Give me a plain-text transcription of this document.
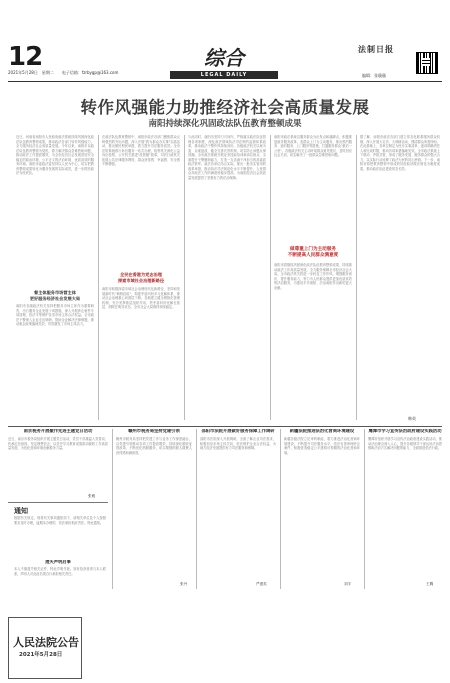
12
2021年5月28日　星期二　　电子信箱：fzrbygp@163.com
综合
LEGAL DAILY
法制日报
编辑：张璇璇
转作风强能力助推经济社会高质量发展
南阳持续深化巩固政法队伍教育整顿成果
近日，河南省南阳市人民政府政法系统持续巩固深化政法队伍教育整顿成果，推动政法各部门转作风强能力，全力服务经济社会高质量发展。今年以来，南阳市以政法队伍教育整顿为契机，着力解决群众急难愁盼问题，推动政法工作提质增效，为全市经济社会发展营造安全稳定的政治环境、公平正义的法治环境、优质高效的服务环境。南阳市委政法委坚持以人民为中心，切实把教育整顿成果转化为服务发展的实际成效，进一步擦亮政法为民底色。
督主体服务市场营主体
更好服务经济社会发展大局
南阳市各级政法机关坚持把服务市场主体作为重要职责，出台服务企业发展十项措施，深入开展涉企案件专项清理，依法平等保护各类市场主体合法权益。全市政法干警深入企业走访调研，帮助企业解决法律难题，推动惠企政策落地见效，有效激发了市场主体活力。
在政法队伍教育整顿中，南阳市政法各部门聚焦群众反映强烈的突出问题，深入开展"我为群众办实事"实践活动，推出便民利民举措，着力提升司法服务质效。全市法院系统推行诉讼服务一站式办理，检察机关深化公益诉讼检察，公安机关推进"放管服"改革，司法行政机关拓展公共法律服务网络，群众获得感、幸福感、安全感不断增强。
全民在香港为党志治理
探索市域社会治理新路径
南阳市积极探索市域社会治理现代化新路径，坚持和发展新时代"枫桥经验"，构建矛盾纠纷多元化解体系，推动社会治理重心向基层下移。各地建立健全网格化管理机制，充分发挥基层组织作用，把矛盾纠纷化解在基层、消除在萌芽状态，全市社会大局保持持续稳定。
与此同时，南阳市坚持刀刃向内，严格落实政法队伍管理各项制度，深化政法领域执法司法制约监督体系改革，推动政法干警作风持续向好。各级政法机关以案为鉴、以案促改，健全完善长效机制，切实防止问题反弹回潮。全市政法系统开展业务技能培训和岗位练兵，全面提升干警履职能力，打造一支忠诚干净担当的高素质政法铁军。政法各单位结合实际，推出一批务实管用的改革举措，推动执法司法规范化水平不断提升，人民群众对政法工作的满意度稳步提高，为南阳经济社会高质量发展提供了坚强有力的法治保障。
南阳市政法系统以服务群众为出发点和落脚点，积极推进政务服务改革，变群众上门为主动服务，推出预约服务、延时服务、上门服务等措施，打通服务群众"最后一公里"。各级政法机关主动听取群众意见建议，及时回应社会关切，切实解决了一批群众急难愁盼问题。
做尊重上门为主动服务
不断提高人民群众满意度
南阳市将继续巩固深化政法队伍教育整顿成果，持续推动政法工作高质量发展，全力服务保障全市经济社会大局。全市政法机关将进一步转变工作作风，增强服务意识，提升服务能力，努力为人民群众提供更加优质高效的法治服务，为建设平安南阳、法治南阳作出新的更大贡献。
据了解，南阳市政法各部门建立常态化联系服务群众机制，深入开展大走访、大调研活动，摸清群众所需所盼。在此基础上，各单位制定为民办实事清单，逐项明确责任人和完成时限，推动各项举措落地见效。全市政法系统上下联动、齐抓共管，形成了服务发展、服务群众的强大合力，以实际行动诠释了政法为民的初心使命。下一步，南阳市将把教育整顿中形成的好经验好做法固化为制度成果，推动政法队伍建设常态长效。
韩英
南京税务开展撤作先进主题党日活动
近日，南京市税务局组织开展主题党日活动，党员干部重温入党誓词，传承红色基因，坚定理想信念，以党史学习教育成果推动税收工作高质量发展，为优化营商环境贡献税务力量。
张雅
赣州市税务局坚持党建引领
赣州市税务局坚持把党建工作与业务工作深度融合，以党建引领推动各项工作提质增效，持续深化税收征管改革，不断优化纳税服务，切实增强纳税人缴费人获得感和满意度。
张丹
邵阳市法院开展做好服务保障工作调研
邵阳市法院深入开展调研，全面了解企业司法需求，积极回应市场主体关切，依法保护企业合法权益，为地方经济发展提供有力司法服务和保障。
严建英
新疆法院推进法治化营商环境建设
新疆各级法院立足审判职能，着力推进法治化营商环境建设，不断提升司法服务水平，依法妥善审理涉企案件，积极营造稳定公平透明可预期的法治化营商环境。
刘宇
鹰潭市学习宣传法治政府建设实践活动
鹰潭市组织开展学习宣传法治政府建设实践活动，推动法治理念深入人心，提升各级领导干部运用法治思维和法治方式解决问题的能力，全面推进依法行政。
王腾
通知
根据有关规定，现将有关事项通知如下，请相关单位及个人按照要求及时办理，逾期未办理的，依法承担相应责任。特此通知。
遗失声明启事
本人不慎遗失相关证件，特此声明作废。如有拾获者请与本人联系，声明人对此前后果自行承担相关责任。
人民法院公告
2021年5月28日
